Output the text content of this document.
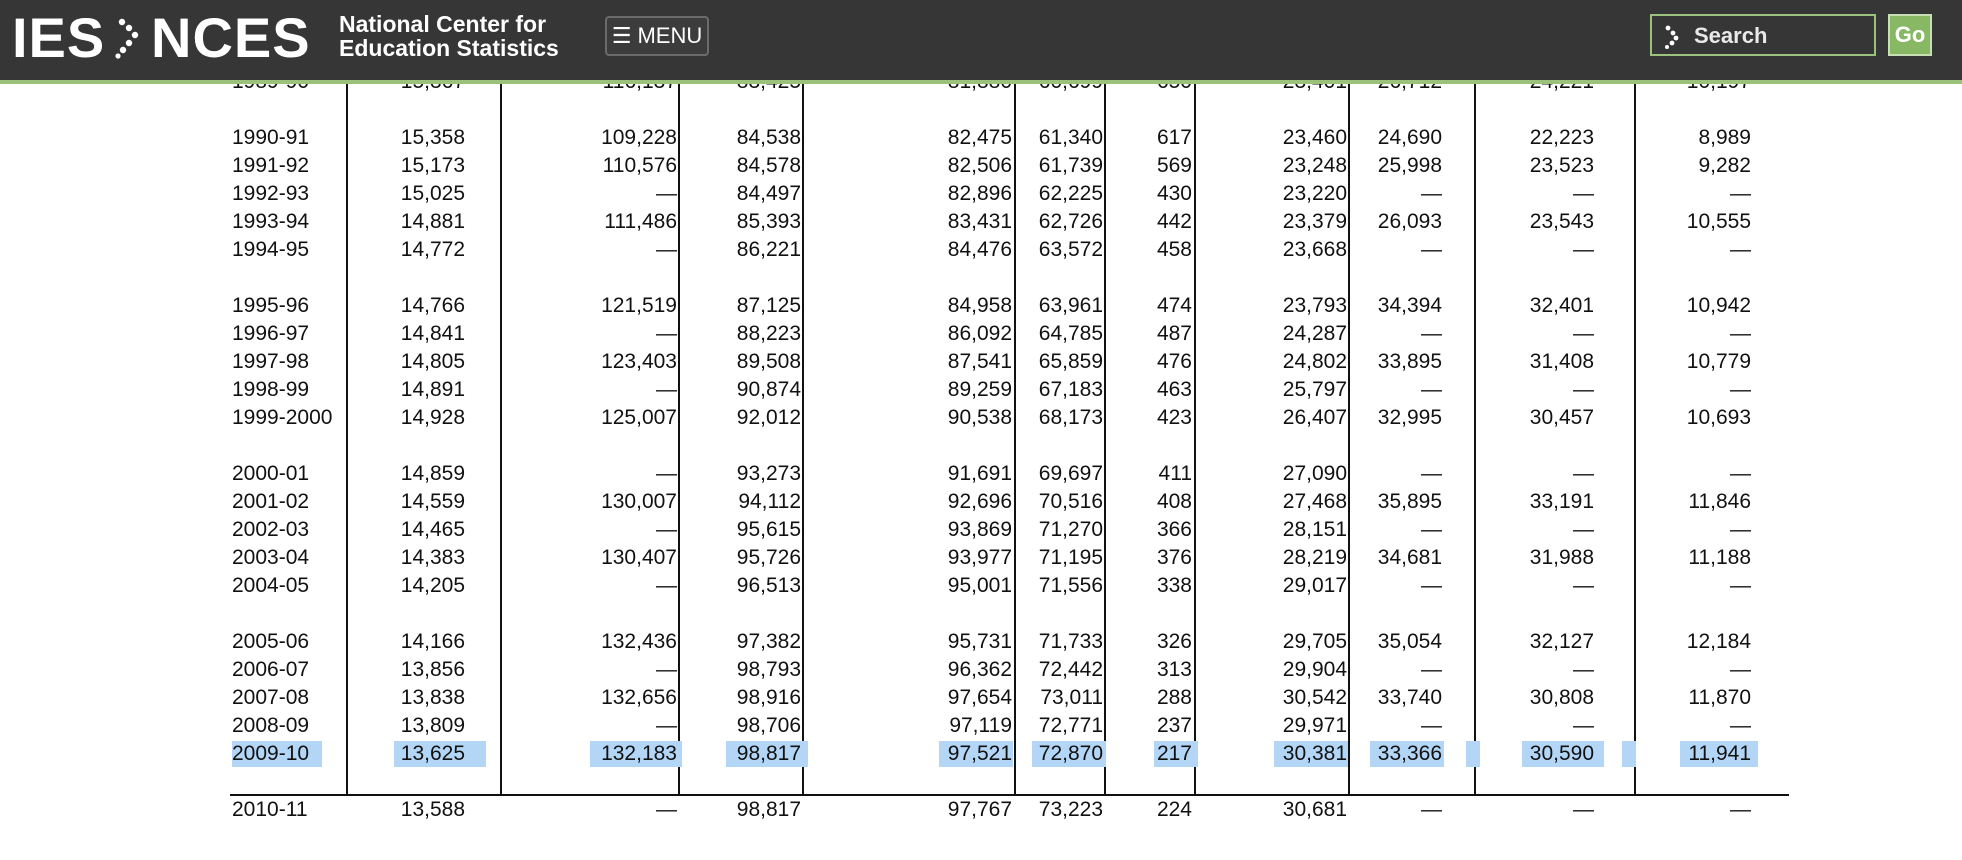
1990-91	15,358	109,228	84,538	82,475	61,340	617	23,460	24,690	22,223	8,989
1991-92	15,173	110,576	84,578	82,506	61,739	569	23,248	25,998	23,523	9,282
1992-93	15,025	—	84,497	82,896	62,225	430	23,220	—	—	—
1993-94	14,881	111,486	85,393	83,431	62,726	442	23,379	26,093	23,543	10,555
1994-95	14,772	—	86,221	84,476	63,572	458	23,668	—	—	—
1995-96	14,766	121,519	87,125	84,958	63,961	474	23,793	34,394	32,401	10,942
1996-97	14,841	—	88,223	86,092	64,785	487	24,287	—	—	—
1997-98	14,805	123,403	89,508	87,541	65,859	476	24,802	33,895	31,408	10,779
1998-99	14,891	—	90,874	89,259	67,183	463	25,797	—	—	—
1999-2000	14,928	125,007	92,012	90,538	68,173	423	26,407	32,995	30,457	10,693
2000-01	14,859	—	93,273	91,691	69,697	411	27,090	—	—	—
2001-02	14,559	130,007	94,112	92,696	70,516	408	27,468	35,895	33,191	11,846
2002-03	14,465	—	95,615	93,869	71,270	366	28,151	—	—	—
2003-04	14,383	130,407	95,726	93,977	71,195	376	28,219	34,681	31,988	11,188
2004-05	14,205	—	96,513	95,001	71,556	338	29,017	—	—	—
2005-06	14,166	132,436	97,382	95,731	71,733	326	29,705	35,054	32,127	12,184
2006-07	13,856	—	98,793	96,362	72,442	313	29,904	—	—	—
2007-08	13,838	132,656	98,916	97,654	73,011	288	30,542	33,740	30,808	11,870
2008-09	13,809	—	98,706	97,119	72,771	237	29,971	—	—	—
2009-10	13,625	132,183	98,817	97,521	72,870	217	30,381	33,366	30,590	11,941
2010-11	13,588	—	98,817	97,767	73,223	224	30,681	—	—	—
IES NCES National Center for
Education Statistics	☰ MENU
Search	Go
